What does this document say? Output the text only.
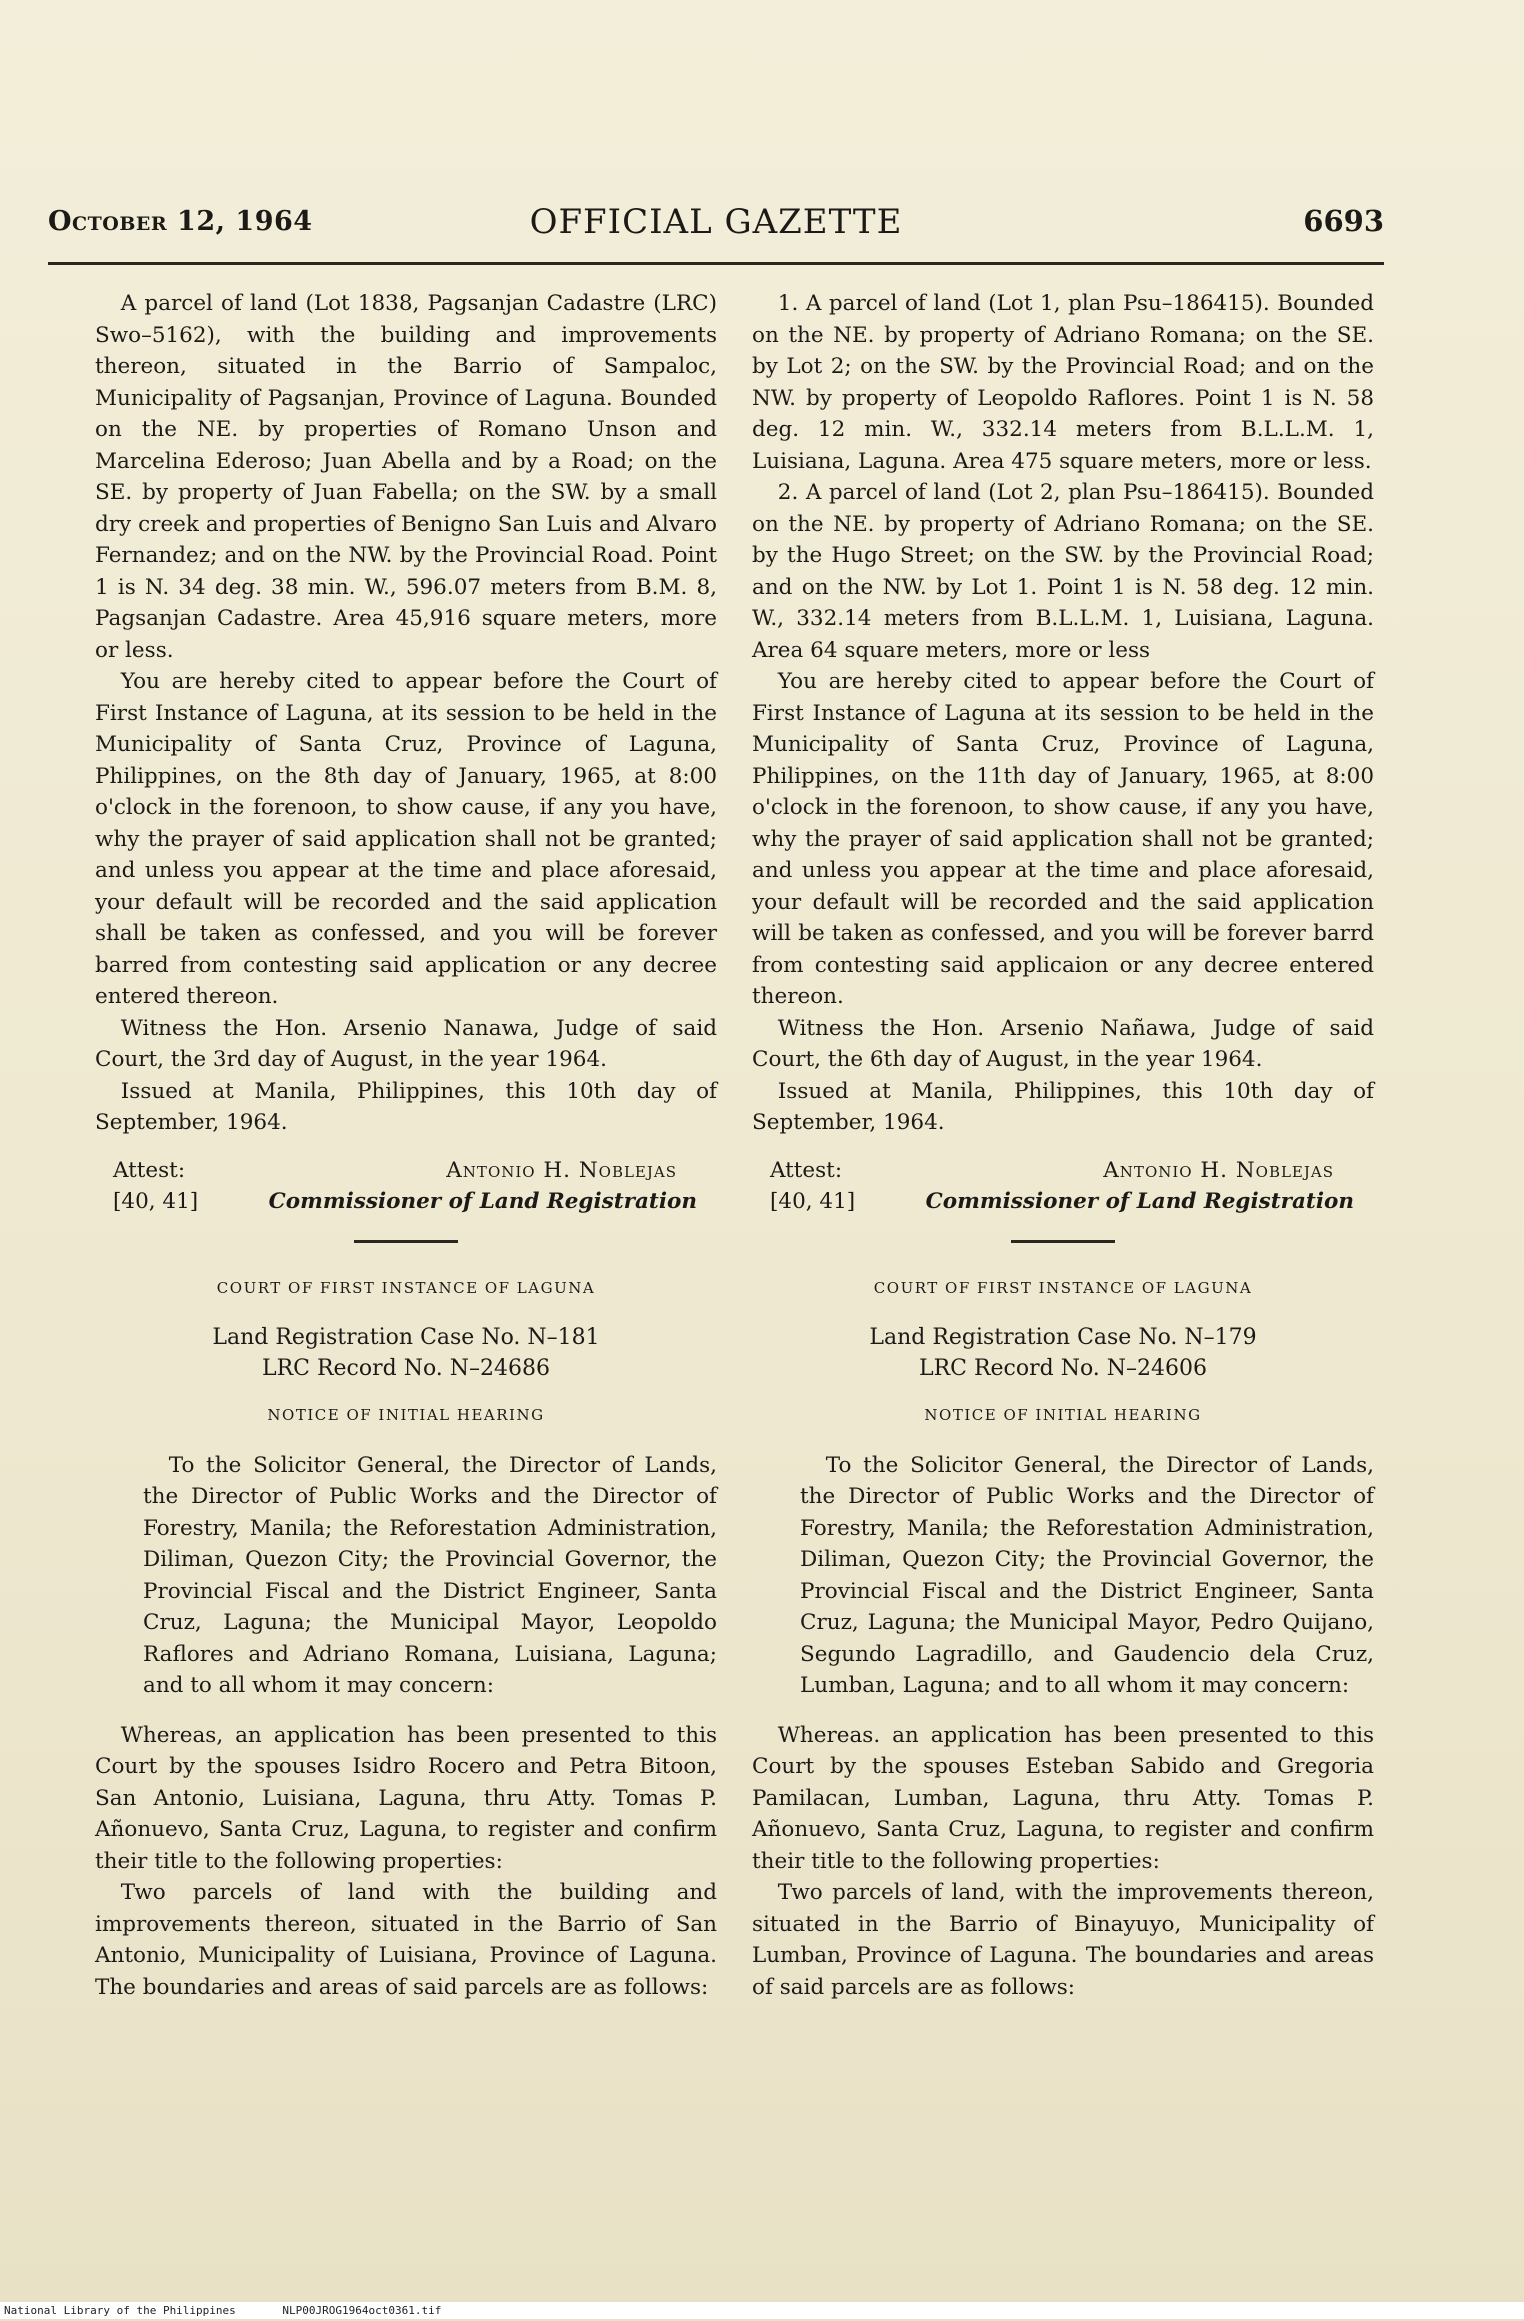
October 12, 1964	OFFICIAL GAZETTE	6693

A parcel of land (Lot 1838, Pagsanjan Cadastre (LRC) Swo–5162), with the building and improvements thereon, situated in the Barrio of Sampaloc, Municipality of Pagsanjan, Province of Laguna. Bounded on the NE. by properties of Romano Unson and Marcelina Ederoso; Juan Abella and by a Road; on the SE. by property of Juan Fabella; on the SW. by a small dry creek and properties of Benigno San Luis and Alvaro Fernandez; and on the NW. by the Provincial Road. Point 1 is N. 34 deg. 38 min. W., 596.07 meters from B.M. 8, Pagsanjan Cadastre. Area 45,916 square meters, more or less.

You are hereby cited to appear before the Court of First Instance of Laguna, at its session to be held in the Municipality of Santa Cruz, Province of Laguna, Philippines, on the 8th day of January, 1965, at 8:00 o'clock in the forenoon, to show cause, if any you have, why the prayer of said application shall not be granted; and unless you appear at the time and place aforesaid, your default will be recorded and the said application shall be taken as confessed, and you will be forever barred from contesting said application or any decree entered thereon.

Witness the Hon. Arsenio Nanawa, Judge of said Court, the 3rd day of August, in the year 1964.

Issued at Manila, Philippines, this 10th day of September, 1964.

Attest:	Antonio H. Noblejas
[40, 41]	Commissioner of Land Registration
COURT OF FIRST INSTANCE OF LAGUNA
Land Registration Case No. N–181
LRC Record No. N–24686
NOTICE OF INITIAL HEARING

To the Solicitor General, the Director of Lands, the Director of Public Works and the Director of Forestry, Manila; the Reforestation Administration, Diliman, Quezon City; the Provincial Governor, the Provincial Fiscal and the District Engineer, Santa Cruz, Laguna; the Municipal Mayor, Leopoldo Raflores and Adriano Romana, Luisiana, Laguna; and to all whom it may concern:

Whereas, an application has been presented to this Court by the spouses Isidro Rocero and Petra Bitoon, San Antonio, Luisiana, Laguna, thru Atty. Tomas P. Añonuevo, Santa Cruz, Laguna, to register and confirm their title to the following properties:

Two parcels of land with the building and improvements thereon, situated in the Barrio of San Antonio, Municipality of Luisiana, Province of Laguna. The boundaries and areas of said parcels are as follows:

1. A parcel of land (Lot 1, plan Psu–186415). Bounded on the NE. by property of Adriano Romana; on the SE. by Lot 2; on the SW. by the Provincial Road; and on the NW. by property of Leopoldo Raflores. Point 1 is N. 58 deg. 12 min. W., 332.14 meters from B.L.L.M. 1, Luisiana, Laguna. Area 475 square meters, more or less.

2. A parcel of land (Lot 2, plan Psu–186415). Bounded on the NE. by property of Adriano Romana; on the SE. by the Hugo Street; on the SW. by the Provincial Road; and on the NW. by Lot 1. Point 1 is N. 58 deg. 12 min. W., 332.14 meters from B.L.L.M. 1, Luisiana, Laguna. Area 64 square meters, more or less

You are hereby cited to appear before the Court of First Instance of Laguna at its session to be held in the Municipality of Santa Cruz, Province of Laguna, Philippines, on the 11th day of January, 1965, at 8:00 o'clock in the forenoon, to show cause, if any you have, why the prayer of said application shall not be granted; and unless you appear at the time and place aforesaid, your default will be recorded and the said application will be taken as confessed, and you will be forever barrd from contesting said applicaion or any decree entered thereon.

Witness the Hon. Arsenio Nañawa, Judge of said Court, the 6th day of August, in the year 1964.

Issued at Manila, Philippines, this 10th day of September, 1964.

Attest:	Antonio H. Noblejas
[40, 41]	Commissioner of Land Registration
COURT OF FIRST INSTANCE OF LAGUNA
Land Registration Case No. N–179
LRC Record No. N–24606
NOTICE OF INITIAL HEARING

To the Solicitor General, the Director of Lands, the Director of Public Works and the Director of Forestry, Manila; the Reforestation Administration, Diliman, Quezon City; the Provincial Governor, the Provincial Fiscal and the District Engineer, Santa Cruz, Laguna; the Municipal Mayor, Pedro Quijano, Segundo Lagradillo, and Gaudencio dela Cruz, Lumban, Laguna; and to all whom it may concern:

Whereas. an application has been presented to this Court by the spouses Esteban Sabido and Gregoria Pamilacan, Lumban, Laguna, thru Atty. Tomas P. Añonuevo, Santa Cruz, Laguna, to register and confirm their title to the following properties:

Two parcels of land, with the improvements thereon, situated in the Barrio of Binayuyo, Municipality of Lumban, Province of Laguna. The boundaries and areas of said parcels are as follows:

National Library of the Philippines	NLP00JROG1964oct0361.tif
